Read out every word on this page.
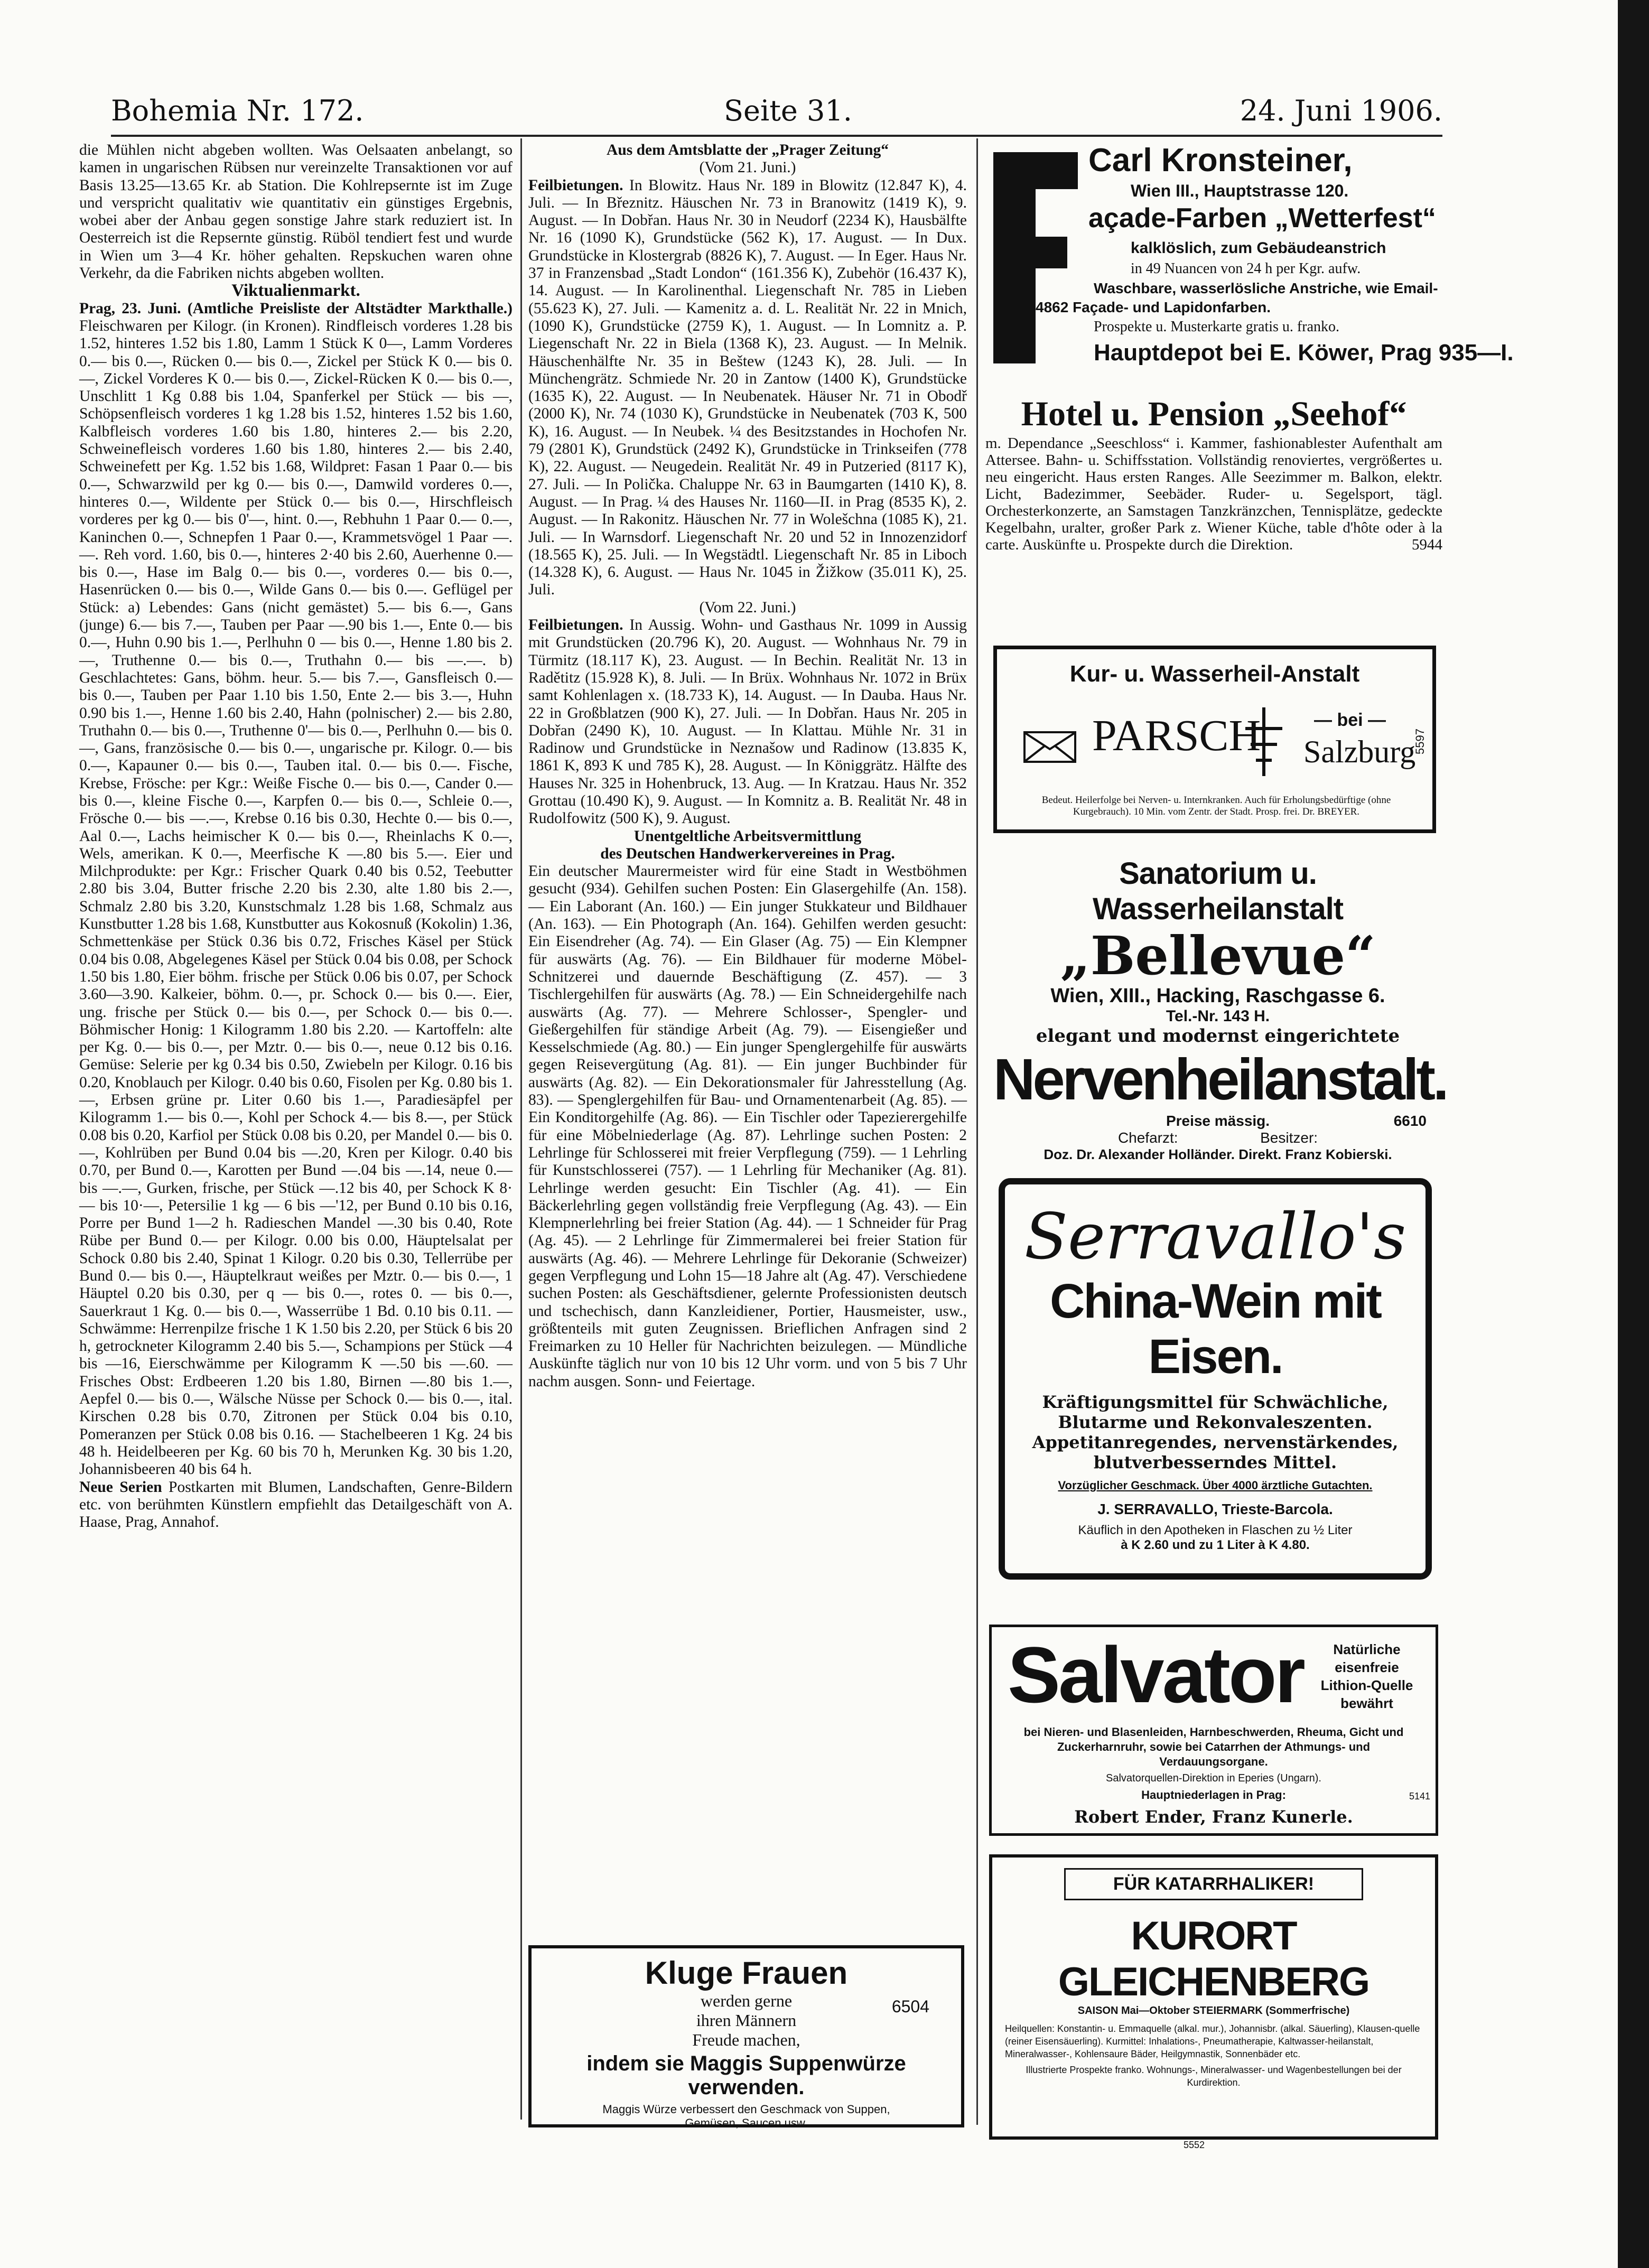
Bohemia Nr. 172.	Seite 31.	24. Juni 1906.

die Mühlen nicht abgeben wollten. Was Oelsaaten anbelangt, so kamen in ungarischen Rübsen nur vereinzelte Transaktionen vor auf Basis 13.25—13.65 Kr. ab Station. Die Kohlrepsernte ist im Zuge und verspricht qualitativ wie quantitativ ein günstiges Ergebnis, wobei aber der Anbau gegen sonstige Jahre stark reduziert ist. In Oesterreich ist die Repsernte günstig. Rüböl tendiert fest und wurde in Wien um 3—4 Kr. höher gehalten. Repskuchen waren ohne Verkehr, da die Fabriken nichts abgeben wollten.

Viktualienmarkt.

Prag, 23. Juni. (Amtliche Preisliste der Altstädter Markthalle.) Fleischwaren per Kilogr. (in Kronen). Rindfleisch vorderes 1.28 bis 1.52, hinteres 1.52 bis 1.80, Lamm 1 Stück K 0—, Lamm Vorderes 0.— bis 0.—, Rücken 0.— bis 0.—, Zickel per Stück K 0.— bis 0.—, Zickel Vorderes K 0.— bis 0.—, Zickel-Rücken K 0.— bis 0.—, Unschlitt 1 Kg 0.88 bis 1.04, Spanferkel per Stück — bis —, Schöpsenfleisch vorderes 1 kg 1.28 bis 1.52, hinteres 1.52 bis 1.60, Kalbfleisch vorderes 1.60 bis 1.80, hinteres 2.— bis 2.20, Schweinefleisch vorderes 1.60 bis 1.80, hinteres 2.— bis 2.40, Schweinefett per Kg. 1.52 bis 1.68, Wildpret: Fasan 1 Paar 0.— bis 0.—, Schwarzwild per kg 0.— bis 0.—, Damwild vorderes 0.—, hinteres 0.—, Wildente per Stück 0.— bis 0.—, Hirschfleisch vorderes per kg 0.— bis 0'—, hint. 0.—, Rebhuhn 1 Paar 0.— 0.—, Kaninchen 0.—, Schnepfen 1 Paar 0.—, Krammetsvögel 1 Paar —.—. Reh vord. 1.60, bis 0.—, hinteres 2·40 bis 2.60, Auerhenne 0.— bis 0.—, Hase im Balg 0.— bis 0.—, vorderes 0.— bis 0.—, Hasenrücken 0.— bis 0.—, Wilde Gans 0.— bis 0.—. Geflügel per Stück: a) Lebendes: Gans (nicht gemästet) 5.— bis 6.—, Gans (junge) 6.— bis 7.—, Tauben per Paar —.90 bis 1.—, Ente 0.— bis 0.—, Huhn 0.90 bis 1.—, Perlhuhn 0 — bis 0.—, Henne 1.80 bis 2.—, Truthenne 0.— bis 0.—, Truthahn 0.— bis —.—. b) Geschlachtetes: Gans, böhm. heur. 5.— bis 7.—, Gansfleisch 0.— bis 0.—, Tauben per Paar 1.10 bis 1.50, Ente 2.— bis 3.—, Huhn 0.90 bis 1.—, Henne 1.60 bis 2.40, Hahn (polnischer) 2.— bis 2.80, Truthahn 0.— bis 0.—, Truthenne 0'— bis 0.—, Perlhuhn 0.— bis 0.—, Gans, französische 0.— bis 0.—, ungarische pr. Kilogr. 0.— bis 0.—, Kapauner 0.— bis 0.—, Tauben ital. 0.— bis 0.—. Fische, Krebse, Frösche: per Kgr.: Weiße Fische 0.— bis 0.—, Cander 0.— bis 0.—, kleine Fische 0.—, Karpfen 0.— bis 0.—, Schleie 0.—, Frösche 0.— bis —.—, Krebse 0.16 bis 0.30, Hechte 0.— bis 0.—, Aal 0.—, Lachs heimischer K 0.— bis 0.—, Rheinlachs K 0.—, Wels, amerikan. K 0.—, Meerfische K —.80 bis 5.—. Eier und Milchprodukte: per Kgr.: Frischer Quark 0.40 bis 0.52, Teebutter 2.80 bis 3.04, Butter frische 2.20 bis 2.30, alte 1.80 bis 2.—, Schmalz 2.80 bis 3.20, Kunstschmalz 1.28 bis 1.68, Schmalz aus Kunstbutter 1.28 bis 1.68, Kunstbutter aus Kokosnuß (Kokolin) 1.36, Schmettenkäse per Stück 0.36 bis 0.72, Frisches Käsel per Stück 0.04 bis 0.08, Abgelegenes Käsel per Stück 0.04 bis 0.08, per Schock 1.50 bis 1.80, Eier böhm. frische per Stück 0.06 bis 0.07, per Schock 3.60—3.90. Kalkeier, böhm. 0.—, pr. Schock 0.— bis 0.—. Eier, ung. frische per Stück 0.— bis 0.—, per Schock 0.— bis 0.—. Böhmischer Honig: 1 Kilogramm 1.80 bis 2.20. — Kartoffeln: alte per Kg. 0.— bis 0.—, per Mztr. 0.— bis 0.—, neue 0.12 bis 0.16. Gemüse: Selerie per kg 0.34 bis 0.50, Zwiebeln per Kilogr. 0.16 bis 0.20, Knoblauch per Kilogr. 0.40 bis 0.60, Fisolen per Kg. 0.80 bis 1.—, Erbsen grüne pr. Liter 0.60 bis 1.—, Paradiesäpfel per Kilogramm 1.— bis 0.—, Kohl per Schock 4.— bis 8.—, per Stück 0.08 bis 0.20, Karfiol per Stück 0.08 bis 0.20, per Mandel 0.— bis 0.—, Kohlrüben per Bund 0.04 bis —.20, Kren per Kilogr. 0.40 bis 0.70, per Bund 0.—, Karotten per Bund —.04 bis —.14, neue 0.— bis —.—, Gurken, frische, per Stück —.12 bis 40, per Schock K 8·— bis 10·—, Petersilie 1 kg — 6 bis —'12, per Bund 0.10 bis 0.16, Porre per Bund 1—2 h. Radieschen Mandel —.30 bis 0.40, Rote Rübe per Bund 0.— per Kilogr. 0.00 bis 0.00, Häuptelsalat per Schock 0.80 bis 2.40, Spinat 1 Kilogr. 0.20 bis 0.30, Tellerrübe per Bund 0.— bis 0.—, Häuptelkraut weißes per Mztr. 0.— bis 0.—, 1 Häuptel 0.20 bis 0.30, per q — bis 0.—, rotes 0. — bis 0.—, Sauerkraut 1 Kg. 0.— bis 0.—, Wasserrübe 1 Bd. 0.10 bis 0.11. — Schwämme: Herrenpilze frische 1 K 1.50 bis 2.20, per Stück 6 bis 20 h, getrockneter Kilogramm 2.40 bis 5.—, Schampions per Stück —4 bis —16, Eierschwämme per Kilogramm K —.50 bis —.60. — Frisches Obst: Erdbeeren 1.20 bis 1.80, Birnen —.80 bis 1.—, Aepfel 0.— bis 0.—, Wälsche Nüsse per Schock 0.— bis 0.—, ital. Kirschen 0.28 bis 0.70, Zitronen per Stück 0.04 bis 0.10, Pomeranzen per Stück 0.08 bis 0.16. — Stachelbeeren 1 Kg. 24 bis 48 h. Heidelbeeren per Kg. 60 bis 70 h, Merunken Kg. 30 bis 1.20, Johannisbeeren 40 bis 64 h.

Neue Serien Postkarten mit Blumen, Landschaften, Genre-Bildern etc. von berühmten Künstlern empfiehlt das Detailgeschäft von A. Haase, Prag, Annahof.

Aus dem Amtsblatte der „Prager Zeitung“

(Vom 21. Juni.)

Feilbietungen. In Blowitz. Haus Nr. 189 in Blowitz (12.847 K), 4. Juli. — In Březnitz. Häuschen Nr. 73 in Branowitz (1419 K), 9. August. — In Dobřan. Haus Nr. 30 in Neudorf (2234 K), Hausbälfte Nr. 16 (1090 K), Grundstücke (562 K), 17. August. — In Dux. Grundstücke in Klostergrab (8826 K), 7. August. — In Eger. Haus Nr. 37 in Franzensbad „Stadt London“ (161.356 K), Zubehör (16.437 K), 14. August. — In Karolinenthal. Liegenschaft Nr. 785 in Lieben (55.623 K), 27. Juli. — Kamenitz a. d. L. Realität Nr. 22 in Mnich, (1090 K), Grundstücke (2759 K), 1. August. — In Lomnitz a. P. Liegenschaft Nr. 22 in Biela (1368 K), 23. August. — In Melnik. Häuschenhälfte Nr. 35 in Beštew (1243 K), 28. Juli. — In Münchengrätz. Schmiede Nr. 20 in Zantow (1400 K), Grundstücke (1635 K), 22. August. — In Neubenatek. Häuser Nr. 71 in Obodř (2000 K), Nr. 74 (1030 K), Grundstücke in Neubenatek (703 K, 500 K), 16. August. — In Neubek. ¼ des Besitzstandes in Hochofen Nr. 79 (2801 K), Grundstück (2492 K), Grundstücke in Trinkseifen (778 K), 22. August. — Neugedein. Realität Nr. 49 in Putzeried (8117 K), 27. Juli. — In Polička. Chaluppe Nr. 63 in Baumgarten (1410 K), 8. August. — In Prag. ¼ des Hauses Nr. 1160—II. in Prag (8535 K), 2. August. — In Rakonitz. Häuschen Nr. 77 in Wolešchna (1085 K), 21. Juli. — In Warnsdorf. Liegenschaft Nr. 20 und 52 in Innozenzidorf (18.565 K), 25. Juli. — In Wegstädtl. Liegenschaft Nr. 85 in Liboch (14.328 K), 6. August. — Haus Nr. 1045 in Žižkow (35.011 K), 25. Juli.

(Vom 22. Juni.)

Feilbietungen. In Aussig. Wohn- und Gasthaus Nr. 1099 in Aussig mit Grundstücken (20.796 K), 20. August. — Wohnhaus Nr. 79 in Türmitz (18.117 K), 23. August. — In Bechin. Realität Nr. 13 in Radětitz (15.928 K), 8. Juli. — In Brüx. Wohnhaus Nr. 1072 in Brüx samt Kohlenlagen x. (18.733 K), 14. August. — In Dauba. Haus Nr. 22 in Großblatzen (900 K), 27. Juli. — In Dobřan. Haus Nr. 205 in Dobřan (2490 K), 10. August. — In Klattau. Mühle Nr. 31 in Radinow und Grundstücke in Neznašow und Radinow (13.835 K, 1861 K, 893 K und 785 K), 28. August. — In Königgrätz. Hälfte des Hauses Nr. 325 in Hohenbruck, 13. Aug. — In Kratzau. Haus Nr. 352 Grottau (10.490 K), 9. August. — In Komnitz a. B. Realität Nr. 48 in Rudolfowitz (500 K), 9. August.

Unentgeltliche Arbeitsvermittlung

des Deutschen Handwerkervereines in Prag.

Ein deutscher Maurermeister wird für eine Stadt in Westböhmen gesucht (934). Gehilfen suchen Posten: Ein Glasergehilfe (An. 158). — Ein Laborant (An. 160.) — Ein junger Stukkateur und Bildhauer (An. 163). — Ein Photograph (An. 164). Gehilfen werden gesucht: Ein Eisendreher (Ag. 74). — Ein Glaser (Ag. 75) — Ein Klempner für auswärts (Ag. 76). — Ein Bildhauer für moderne Möbel-Schnitzerei und dauernde Beschäftigung (Z. 457). — 3 Tischlergehilfen für auswärts (Ag. 78.) — Ein Schneidergehilfe nach auswärts (Ag. 77). — Mehrere Schlosser-, Spengler- und Gießergehilfen für ständige Arbeit (Ag. 79). — Eisengießer und Kesselschmiede (Ag. 80.) — Ein junger Spenglergehilfe für auswärts gegen Reisevergütung (Ag. 81). — Ein junger Buchbinder für auswärts (Ag. 82). — Ein Dekorationsmaler für Jahresstellung (Ag. 83). — Spenglergehilfen für Bau- und Ornamentenarbeit (Ag. 85). — Ein Konditorgehilfe (Ag. 86). — Ein Tischler oder Tapezierergehilfe für eine Möbelniederlage (Ag. 87). Lehrlinge suchen Posten: 2 Lehrlinge für Schlosserei mit freier Verpflegung (759). — 1 Lehrling für Kunstschlosserei (757). — 1 Lehrling für Mechaniker (Ag. 81). Lehrlinge werden gesucht: Ein Tischler (Ag. 41). — Ein Bäckerlehrling gegen vollständig freie Verpflegung (Ag. 43). — Ein Klempnerlehrling bei freier Station (Ag. 44). — 1 Schneider für Prag (Ag. 45). — 2 Lehrlinge für Zimmermalerei bei freier Station für auswärts (Ag. 46). — Mehrere Lehrlinge für Dekoranie (Schweizer) gegen Verpflegung und Lohn 15—18 Jahre alt (Ag. 47). Verschiedene suchen Posten: als Geschäftsdiener, gelernte Professionisten deutsch und tschechisch, dann Kanzleidiener, Portier, Hausmeister, usw., größtenteils mit guten Zeugnissen. Brieflichen Anfragen sind 2 Freimarken zu 10 Heller für Nachrichten beizulegen. — Mündliche Auskünfte täglich nur von 10 bis 12 Uhr vorm. und von 5 bis 7 Uhr nachm ausgen. Sonn- und Feiertage.

Kluge Frauen
werden gerne	6504
ihren Männern
Freude machen,
indem sie Maggis Suppenwürze verwenden.
Maggis Würze verbessert den Geschmack von Suppen,
Gemüsen, Saucen usw.
Carl Kronsteiner,
Wien III., Hauptstrasse 120.
açade-Farben „Wetterfest“
kalklöslich, zum Gebäudeanstrich
in 49 Nuancen von 24 h per Kgr. aufw.
Waschbare, wasserlösliche Anstriche, wie Email-
4862 Façade- und Lapidonfarben.
Prospekte u. Musterkarte gratis u. franko.
Hauptdepot bei E. Köwer, Prag 935—I.
Hotel u. Pension „Seehof“

m. Dependance „Seeschloss“ i. Kammer, fashionablester Aufenthalt am Attersee. Bahn- u. Schiffsstation. Vollständig renoviertes, vergrößertes u. neu eingericht. Haus ersten Ranges. Alle Seezimmer m. Balkon, elektr. Licht, Badezimmer, Seebäder. Ruder- u. Segelsport, tägl. Orchesterkonzerte, an Samstagen Tanzkränzchen, Tennisplätze, gedeckte Kegelbahn, uralter, großer Park z. Wiener Küche, table d'hôte oder à la carte. Auskünfte u. Prospekte durch die Direktion.	5944

Kur- u. Wasserheil-Anstalt
PARSCH	— bei —
Salzburg
Bedeut. Heilerfolge bei Nerven- u. Internkranken. Auch für Erholungsbedürftige (ohne Kurgebrauch). 10 Min. vom Zentr. der Stadt. Prosp. frei. Dr. BREYER.
5597
Sanatorium u. Wasserheilanstalt
„Bellevue“
Wien, XIII., Hacking, Raschgasse 6.
Tel.-Nr. 143 H.
elegant und modernst eingerichtete
Nervenheilanstalt.
Preise mässig.	6610
Chefarzt:                    Besitzer:
Doz. Dr. Alexander Holländer. Direkt. Franz Kobierski.
Serravallo's
China-Wein mit Eisen.
Kräftigungsmittel für Schwächliche,
Blutarme und Rekonvaleszenten.
Appetitanregendes, nervenstärkendes,
blutverbesserndes Mittel.
Vorzüglicher Geschmack. Über 4000 ärztliche Gutachten.
J. SERRAVALLO, Trieste-Barcola.
Käuflich in den Apotheken in Flaschen zu ½ Liter
à K 2.60 und zu 1 Liter à K 4.80.
Salvator	Natürliche eisenfreie Lithion-Quelle bewährt
bei Nieren- und Blasenleiden, Harnbeschwerden, Rheuma, Gicht und Zuckerharnruhr, sowie bei Catarrhen der Athmungs- und Verdauungsorgane.
Salvatorquellen-Direktion in Eperies (Ungarn).
Hauptniederlagen in Prag:	5141
Robert Ender, Franz Kunerle.
FÜR KATARRHALIKER!
KURORT GLEICHENBERG
SAISON Mai—Oktober STEIERMARK (Sommerfrische)
Heilquellen: Konstantin- u. Emmaquelle (alkal. mur.), Johannisbr. (alkal. Säuerling), Klausen-quelle (reiner Eisensäuerling). Kurmittel: Inhalations-, Pneumatherapie, Kaltwasser-heilanstalt, Mineralwasser-, Kohlensaure Bäder, Heilgymnastik, Sonnenbäder etc.
Illustrierte Prospekte franko. Wohnungs-, Mineralwasser- und Wagenbestellungen bei der Kurdirektion.
5552
